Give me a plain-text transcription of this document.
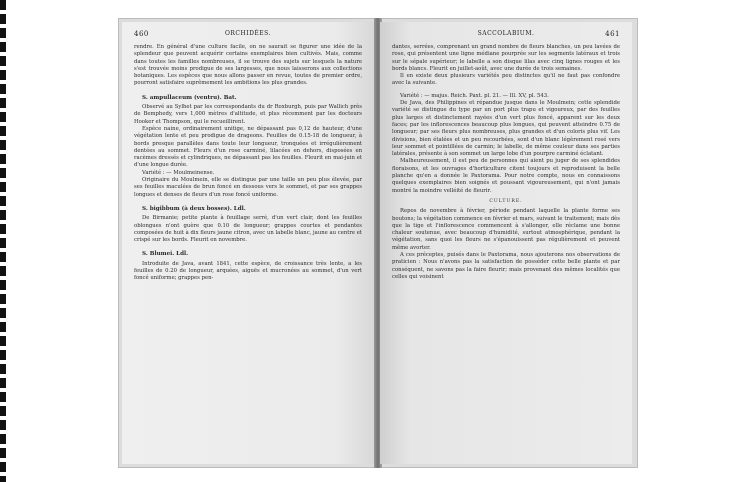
460	ORCHIDÉES.

rendre. En général d'une culture facile, on ne saurait se figurer une idée de la splendeur que peuvent acquérir certains exemplaires bien cultivés. Mais, comme dans toutes les familles nombreuses, il se trouve des sujets sur lesquels la nature s'est trouvée moins prodigue de ses largesses, que nous laisserons aux collections botaniques. Les espèces que nous allons passer en revue, toutes de premier ordre, pourront satisfaire suprêmement les ambitions les plus grandes.

S. ampullaceum (ventru). Bat.

Observé au Sylhet par les correspondants du dr Roxburgh, puis par Wallich près de Bemphedy, vers 1,000 mètres d'altitude, et plus récemment par les docteurs Hooker et Thompson, qui le recueillirent.

Espèce naine, ordinairement unitige, ne dépassant pas 0,12 de hauteur, d'une végétation lente et peu prodigue de drageons. Feuilles de 0.15-18 de longueur, à bords presque parallèles dans toute leur longueur, tronquées et irrégulièrement dentées au sommet. Fleurs d'un rose carminé, lilacées en dehors, disposées en racèmes dressés et cylindriques, ne dépassant pas les feuilles. Fleurit en mai-juin et d'une longue durée.

Variété : — Moulmeinense.

Originaire du Moulmein, elle se distingue par une taille un peu plus élevée, par ses feuilles maculées de brun foncé en dessous vers le sommet, et par ses grappes longues et denses de fleurs d'un rose foncé uniforme.

S. bigibbum (à deux bosses). Ldl.

De Birmanie; petite plante à feuillage serré, d'un vert clair, dont les feuilles oblongues n'ont guère que 0.10 de longueur; grappes courtes et pendantes composées de huit à dix fleurs jaune citron, avec un labelle blanc, jaune au centre et crispé sur les bords. Fleurit en novembre.

S. Blumei. Ldl.

Introduite de Java, avant 1841, cette espèce, de croissance très lente, a les feuilles de 0.20 de longueur, arquées, aiguës et mucronées au sommet, d'un vert foncé uniforme; grappes pen-

SACCOLABIUM.	461

dantes, serrées, comprenant un grand nombre de fleurs blanches, un peu lavées de rose, qui présentent une ligne médiane pourprée sur les segments latéraux et trois sur le sépale supérieur; le labelle a son disque lilas avec cinq lignes rouges et les bords blancs. Fleurit en juillet-août, avec une durée de trois semaines.

Il en existe deux plusieurs variétés peu distinctes qu'il ne faut pas confondre avec la suivante.

Variété : — majus. Reich. Paxt. pl. 21. — Ill. XV, pl. 543.

De Java, des Philippines et répandue jusque dans le Moulmein; cette splendide variété se distingue du type par un port plus trapu et vigoureux, par des feuilles plus larges et distinctement rayées d'un vert plus foncé, apparent sur les deux faces; par les inflorescences beaucoup plus longues, qui peuvent atteindre 0.75 de longueur; par ses fleurs plus nombreuses, plus grandes et d'un coloris plus vif. Les divisions, bien étalées et un peu recourbées, sont d'un blanc légèrement rosé vers leur sommet et pointillées de carmin; le labelle, de même couleur dans ses parties latérales, présente à son sommet un large lobe d'un pourpre carminé éclatant.

Malheureusement, il est peu de personnes qui aient pu juger de ses splendides floraisons, et les ouvrages d'horticulture citent toujours et reproduisent la belle planche qu'en a donnée le Paxtorama. Pour notre compte, nous en connaissons quelques exemplaires bien soignés et poussant vigoureusement, qui n'ont jamais montré la moindre velléité de fleurir.

CULTURE.

Repos de novembre à février, période pendant laquelle la plante forme ses boutons; la végétation commence en février et mars, suivant le traitement; mais dès que la tige et l'inflorescence commencent à s'allonger, elle réclame une bonne chaleur soutenue, avec beaucoup d'humidité, surtout atmosphérique, pendant la végétation, sans quoi les fleurs ne s'épanouissent pas régulièrement et peuvent même avorter.

A ces préceptes, puisés dans le Paxtorama, nous ajouterons nos observations de praticien : Nous n'avons pas la satisfaction de posséder cette belle plante et par conséquent, ne savons pas la faire fleurir; mais provenant des mêmes localités que celles qui voisinent
